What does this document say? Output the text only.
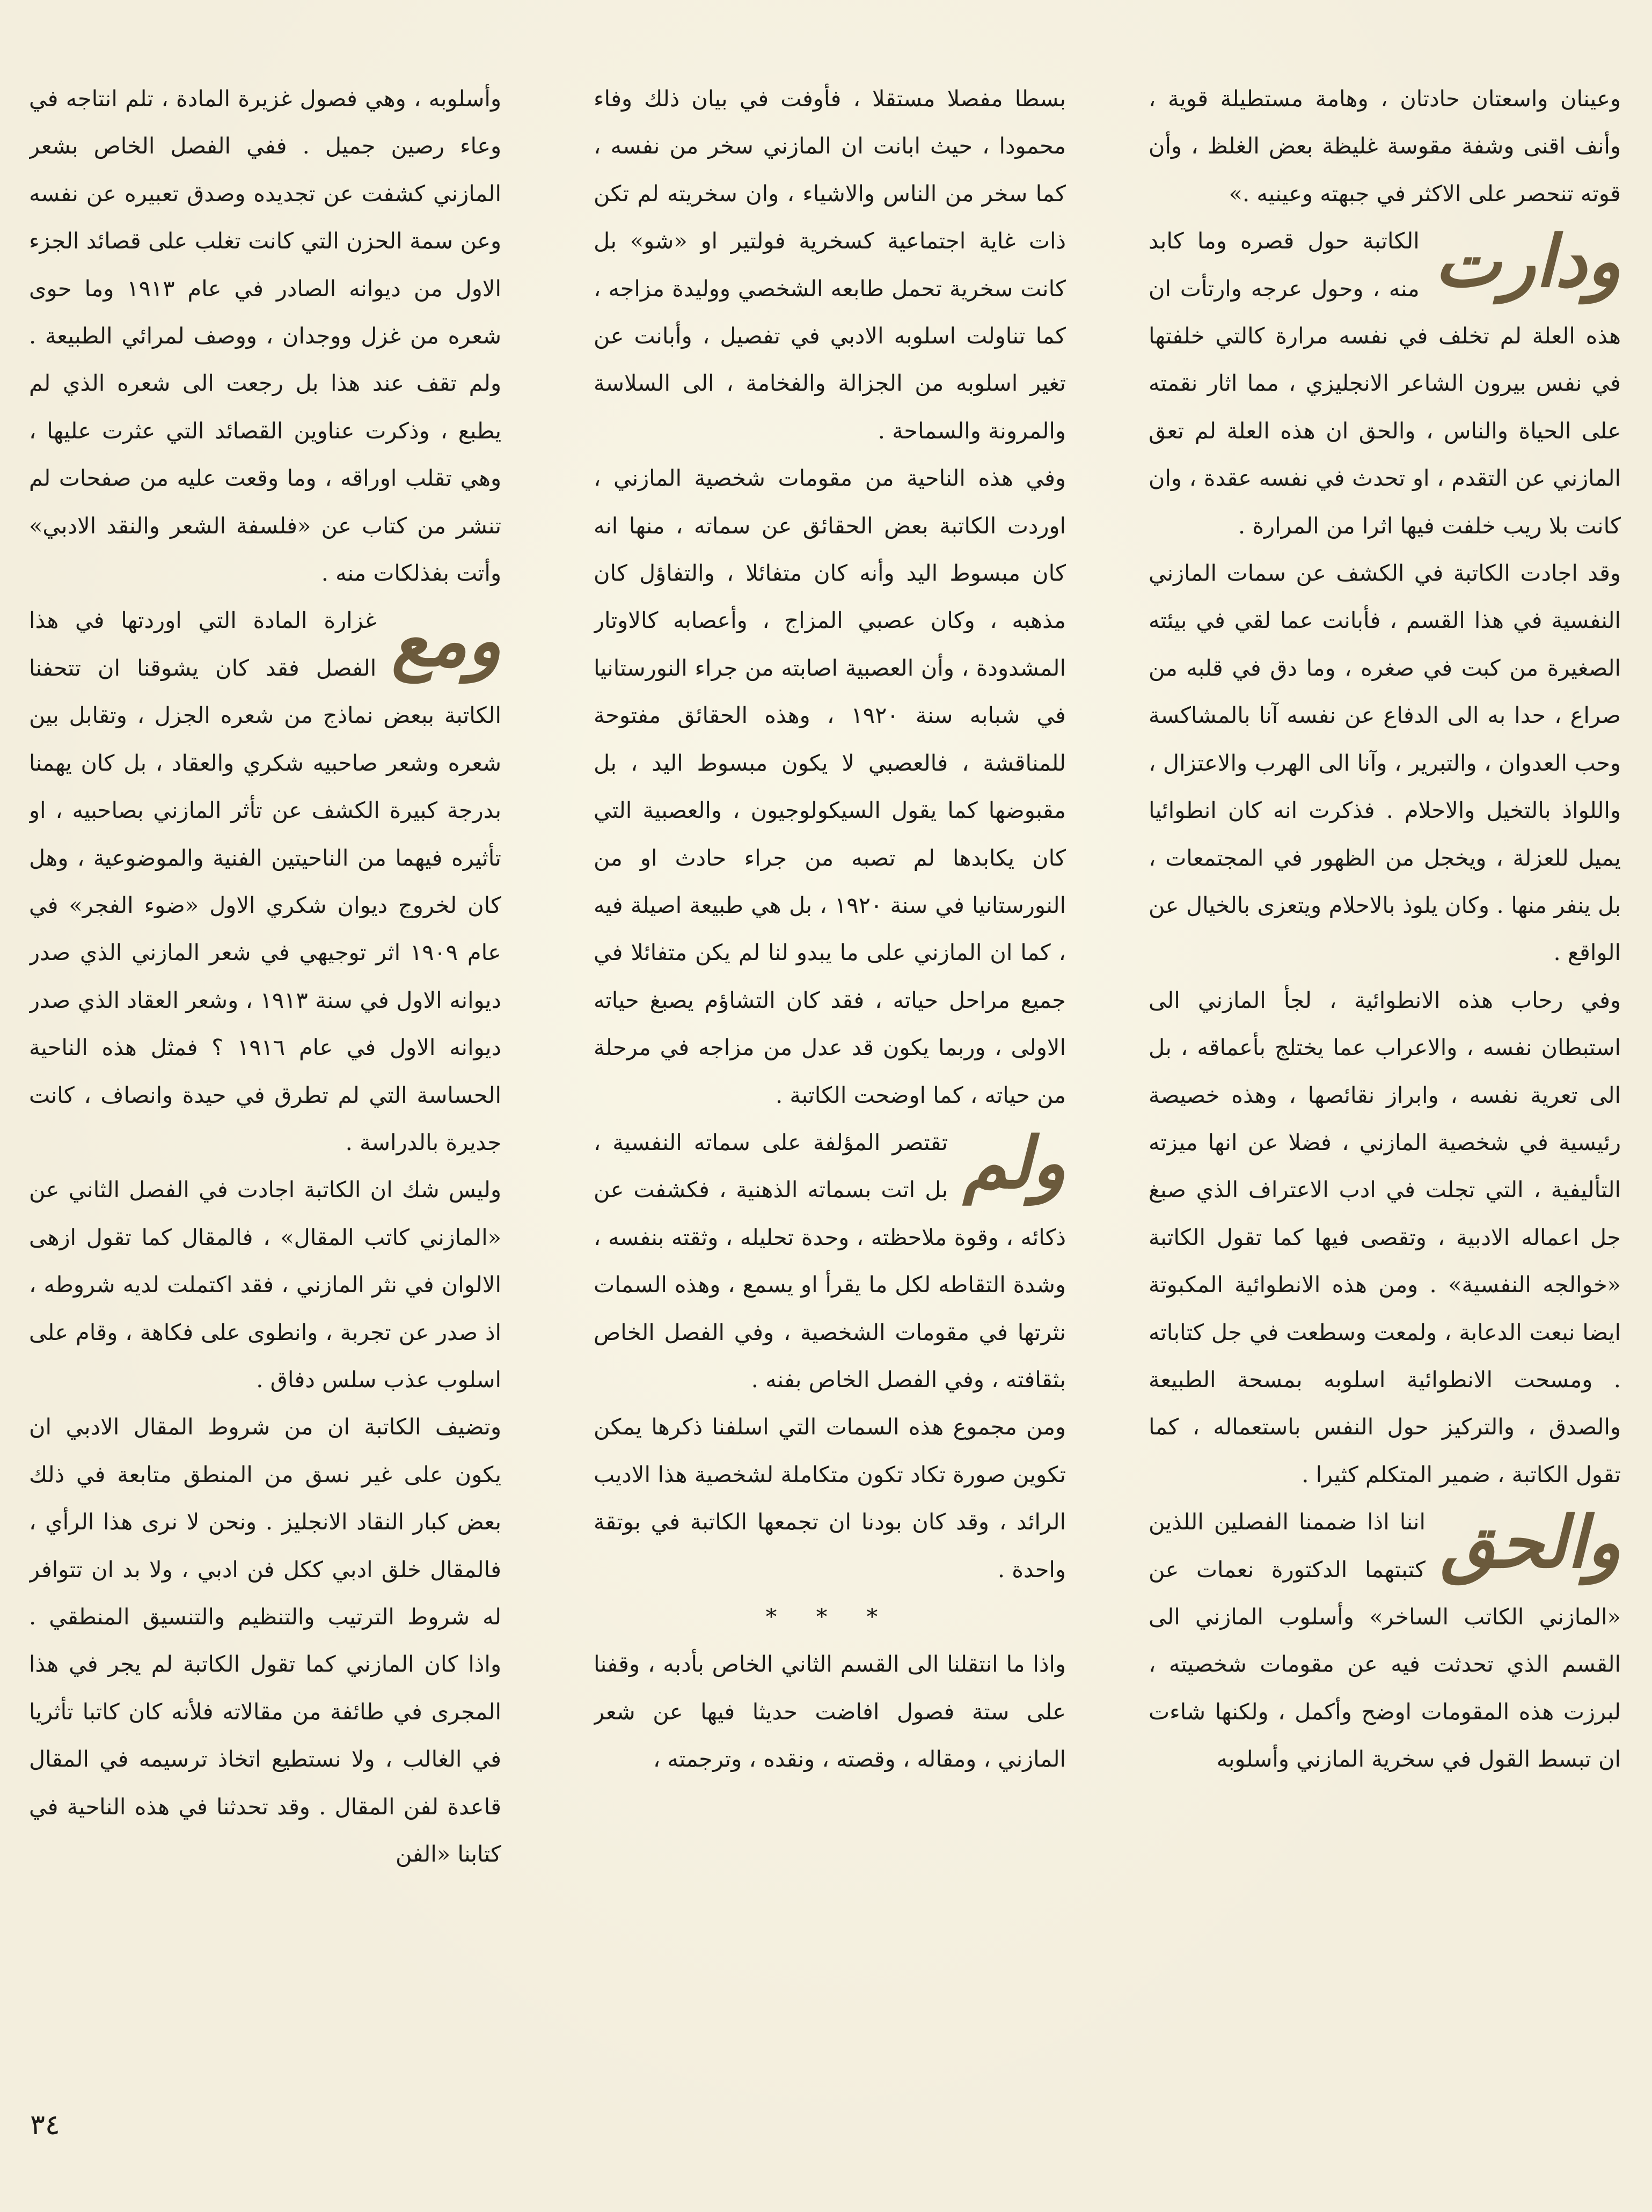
وعينان واسعتان حادتان ، وهامة مستطيلة قوية ، وأنف اقنى وشفة مقوسة غليظة بعض الغلظ ، وأن قوته تنحصر على الاكثر في جبهته وعينيه .»

ودارت
الكاتبة حول قصره وما كابد منه ، وحول عرجه وارتأت ان هذه العلة لم تخلف في نفسه مرارة كالتي خلفتها في نفس بيرون الشاعر الانجليزي ، مما اثار نقمته على الحياة والناس ، والحق ان هذه العلة لم تعق المازني عن التقدم ، او تحدث في نفسه عقدة ، وان كانت بلا ريب خلفت فيها اثرا من المرارة .

وقد اجادت الكاتبة في الكشف عن سمات المازني النفسية في هذا القسم ، فأبانت عما لقي في بيئته الصغيرة من كبت في صغره ، وما دق في قلبه من صراع ، حدا به الى الدفاع عن نفسه آنا بالمشاكسة وحب العدوان ، والتبرير ، وآنا الى الهرب والاعتزال ، واللواذ بالتخيل والاحلام . فذكرت انه كان انطوائيا يميل للعزلة ، ويخجل من الظهور في المجتمعات ، بل ينفر منها . وكان يلوذ بالاحلام ويتعزى بالخيال عن الواقع .

وفي رحاب هذه الانطوائية ، لجأ المازني الى استبطان نفسه ، والاعراب عما يختلج بأعماقه ، بل الى تعرية نفسه ، وابراز نقائصها ، وهذه خصيصة رئيسية في شخصية المازني ، فضلا عن انها ميزته التأليفية ، التي تجلت في ادب الاعتراف الذي صبغ جل اعماله الادبية ، وتقصى فيها كما تقول الكاتبة «خوالجه النفسية» . ومن هذه الانطوائية المكبوتة ايضا نبعت الدعابة ، ولمعت وسطعت في جل كتاباته . ومسحت الانطوائية اسلوبه بمسحة الطبيعة والصدق ، والتركيز حول النفس باستعماله ، كما تقول الكاتبة ، ضمير المتكلم كثيرا .

والحق
اننا اذا ضممنا الفصلين اللذين كتبتهما الدكتورة نعمات عن «المازني الكاتب الساخر» وأسلوب المازني الى القسم الذي تحدثت فيه عن مقومات شخصيته ، لبرزت هذه المقومات اوضح وأكمل ، ولكنها شاءت ان تبسط القول في سخرية المازني وأسلوبه

بسطا مفصلا مستقلا ، فأوفت في بيان ذلك وفاء محمودا ، حيث ابانت ان المازني سخر من نفسه ، كما سخر من الناس والاشياء ، وان سخريته لم تكن ذات غاية اجتماعية كسخرية فولتير او «شو» بل كانت سخرية تحمل طابعه الشخصي ووليدة مزاجه ، كما تناولت اسلوبه الادبي في تفصيل ، وأبانت عن تغير اسلوبه من الجزالة والفخامة ، الى السلاسة والمرونة والسماحة .

وفي هذه الناحية من مقومات شخصية المازني ، اوردت الكاتبة بعض الحقائق عن سماته ، منها انه كان مبسوط اليد وأنه كان متفائلا ، والتفاؤل كان مذهبه ، وكان عصبي المزاج ، وأعصابه كالاوتار المشدودة ، وأن العصبية اصابته من جراء النورستانيا في شبابه سنة ١٩٢٠ ، وهذه الحقائق مفتوحة للمناقشة ، فالعصبي لا يكون مبسوط اليد ، بل مقبوضها كما يقول السيكولوجيون ، والعصبية التي كان يكابدها لم تصبه من جراء حادث او من النورستانيا في سنة ١٩٢٠ ، بل هي طبيعة اصيلة فيه ، كما ان المازني على ما يبدو لنا لم يكن متفائلا في جميع مراحل حياته ، فقد كان التشاؤم يصبغ حياته الاولى ، وربما يكون قد عدل من مزاجه في مرحلة من حياته ، كما اوضحت الكاتبة .

ولم
تقتصر المؤلفة على سماته النفسية ، بل اتت بسماته الذهنية ، فكشفت عن ذكائه ، وقوة ملاحظته ، وحدة تحليله ، وثقته بنفسه ، وشدة التقاطه لكل ما يقرأ او يسمع ، وهذه السمات نثرتها في مقومات الشخصية ، وفي الفصل الخاص بثقافته ، وفي الفصل الخاص بفنه .

ومن مجموع هذه السمات التي اسلفنا ذكرها يمكن تكوين صورة تكاد تكون متكاملة لشخصية هذا الاديب الرائد ، وقد كان بودنا ان تجمعها الكاتبة في بوتقة واحدة .

* * *

واذا ما انتقلنا الى القسم الثاني الخاص بأدبه ، وقفنا على ستة فصول افاضت حديثا فيها عن شعر المازني ، ومقاله ، وقصته ، ونقده ، وترجمته ،

وأسلوبه ، وهي فصول غزيرة المادة ، تلم انتاجه في وعاء رصين جميل . ففي الفصل الخاص بشعر المازني كشفت عن تجديده وصدق تعبيره عن نفسه وعن سمة الحزن التي كانت تغلب على قصائد الجزء الاول من ديوانه الصادر في عام ١٩١٣ وما حوى شعره من غزل ووجدان ، ووصف لمرائي الطبيعة . ولم تقف عند هذا بل رجعت الى شعره الذي لم يطبع ، وذكرت عناوين القصائد التي عثرت عليها ، وهي تقلب اوراقه ، وما وقعت عليه من صفحات لم تنشر من كتاب عن «فلسفة الشعر والنقد الادبي» وأتت بفذلكات منه .

ومع
غزارة المادة التي اوردتها في هذا الفصل فقد كان يشوقنا ان تتحفنا الكاتبة ببعض نماذج من شعره الجزل ، وتقابل بين شعره وشعر صاحبيه شكري والعقاد ، بل كان يهمنا بدرجة كبيرة الكشف عن تأثر المازني بصاحبيه ، او تأثيره فيهما من الناحيتين الفنية والموضوعية ، وهل كان لخروج ديوان شكري الاول «ضوء الفجر» في عام ١٩٠٩ اثر توجيهي في شعر المازني الذي صدر ديوانه الاول في سنة ١٩١٣ ، وشعر العقاد الذي صدر ديوانه الاول في عام ١٩١٦ ؟ فمثل هذه الناحية الحساسة التي لم تطرق في حيدة وانصاف ، كانت جديرة بالدراسة .

وليس شك ان الكاتبة اجادت في الفصل الثاني عن «المازني كاتب المقال» ، فالمقال كما تقول ازهى الالوان في نثر المازني ، فقد اكتملت لديه شروطه ، اذ صدر عن تجربة ، وانطوى على فكاهة ، وقام على اسلوب عذب سلس دفاق .

وتضيف الكاتبة ان من شروط المقال الادبي ان يكون على غير نسق من المنطق متابعة في ذلك بعض كبار النقاد الانجليز . ونحن لا نرى هذا الرأي ، فالمقال خلق ادبي ككل فن ادبي ، ولا بد ان تتوافر له شروط الترتيب والتنظيم والتنسيق المنطقي . واذا كان المازني كما تقول الكاتبة لم يجر في هذا المجرى في طائفة من مقالاته فلأنه كان كاتبا تأثريا في الغالب ، ولا نستطيع اتخاذ ترسيمه في المقال قاعدة لفن المقال . وقد تحدثنا في هذه الناحية في كتابنا «الفن

٣٤
